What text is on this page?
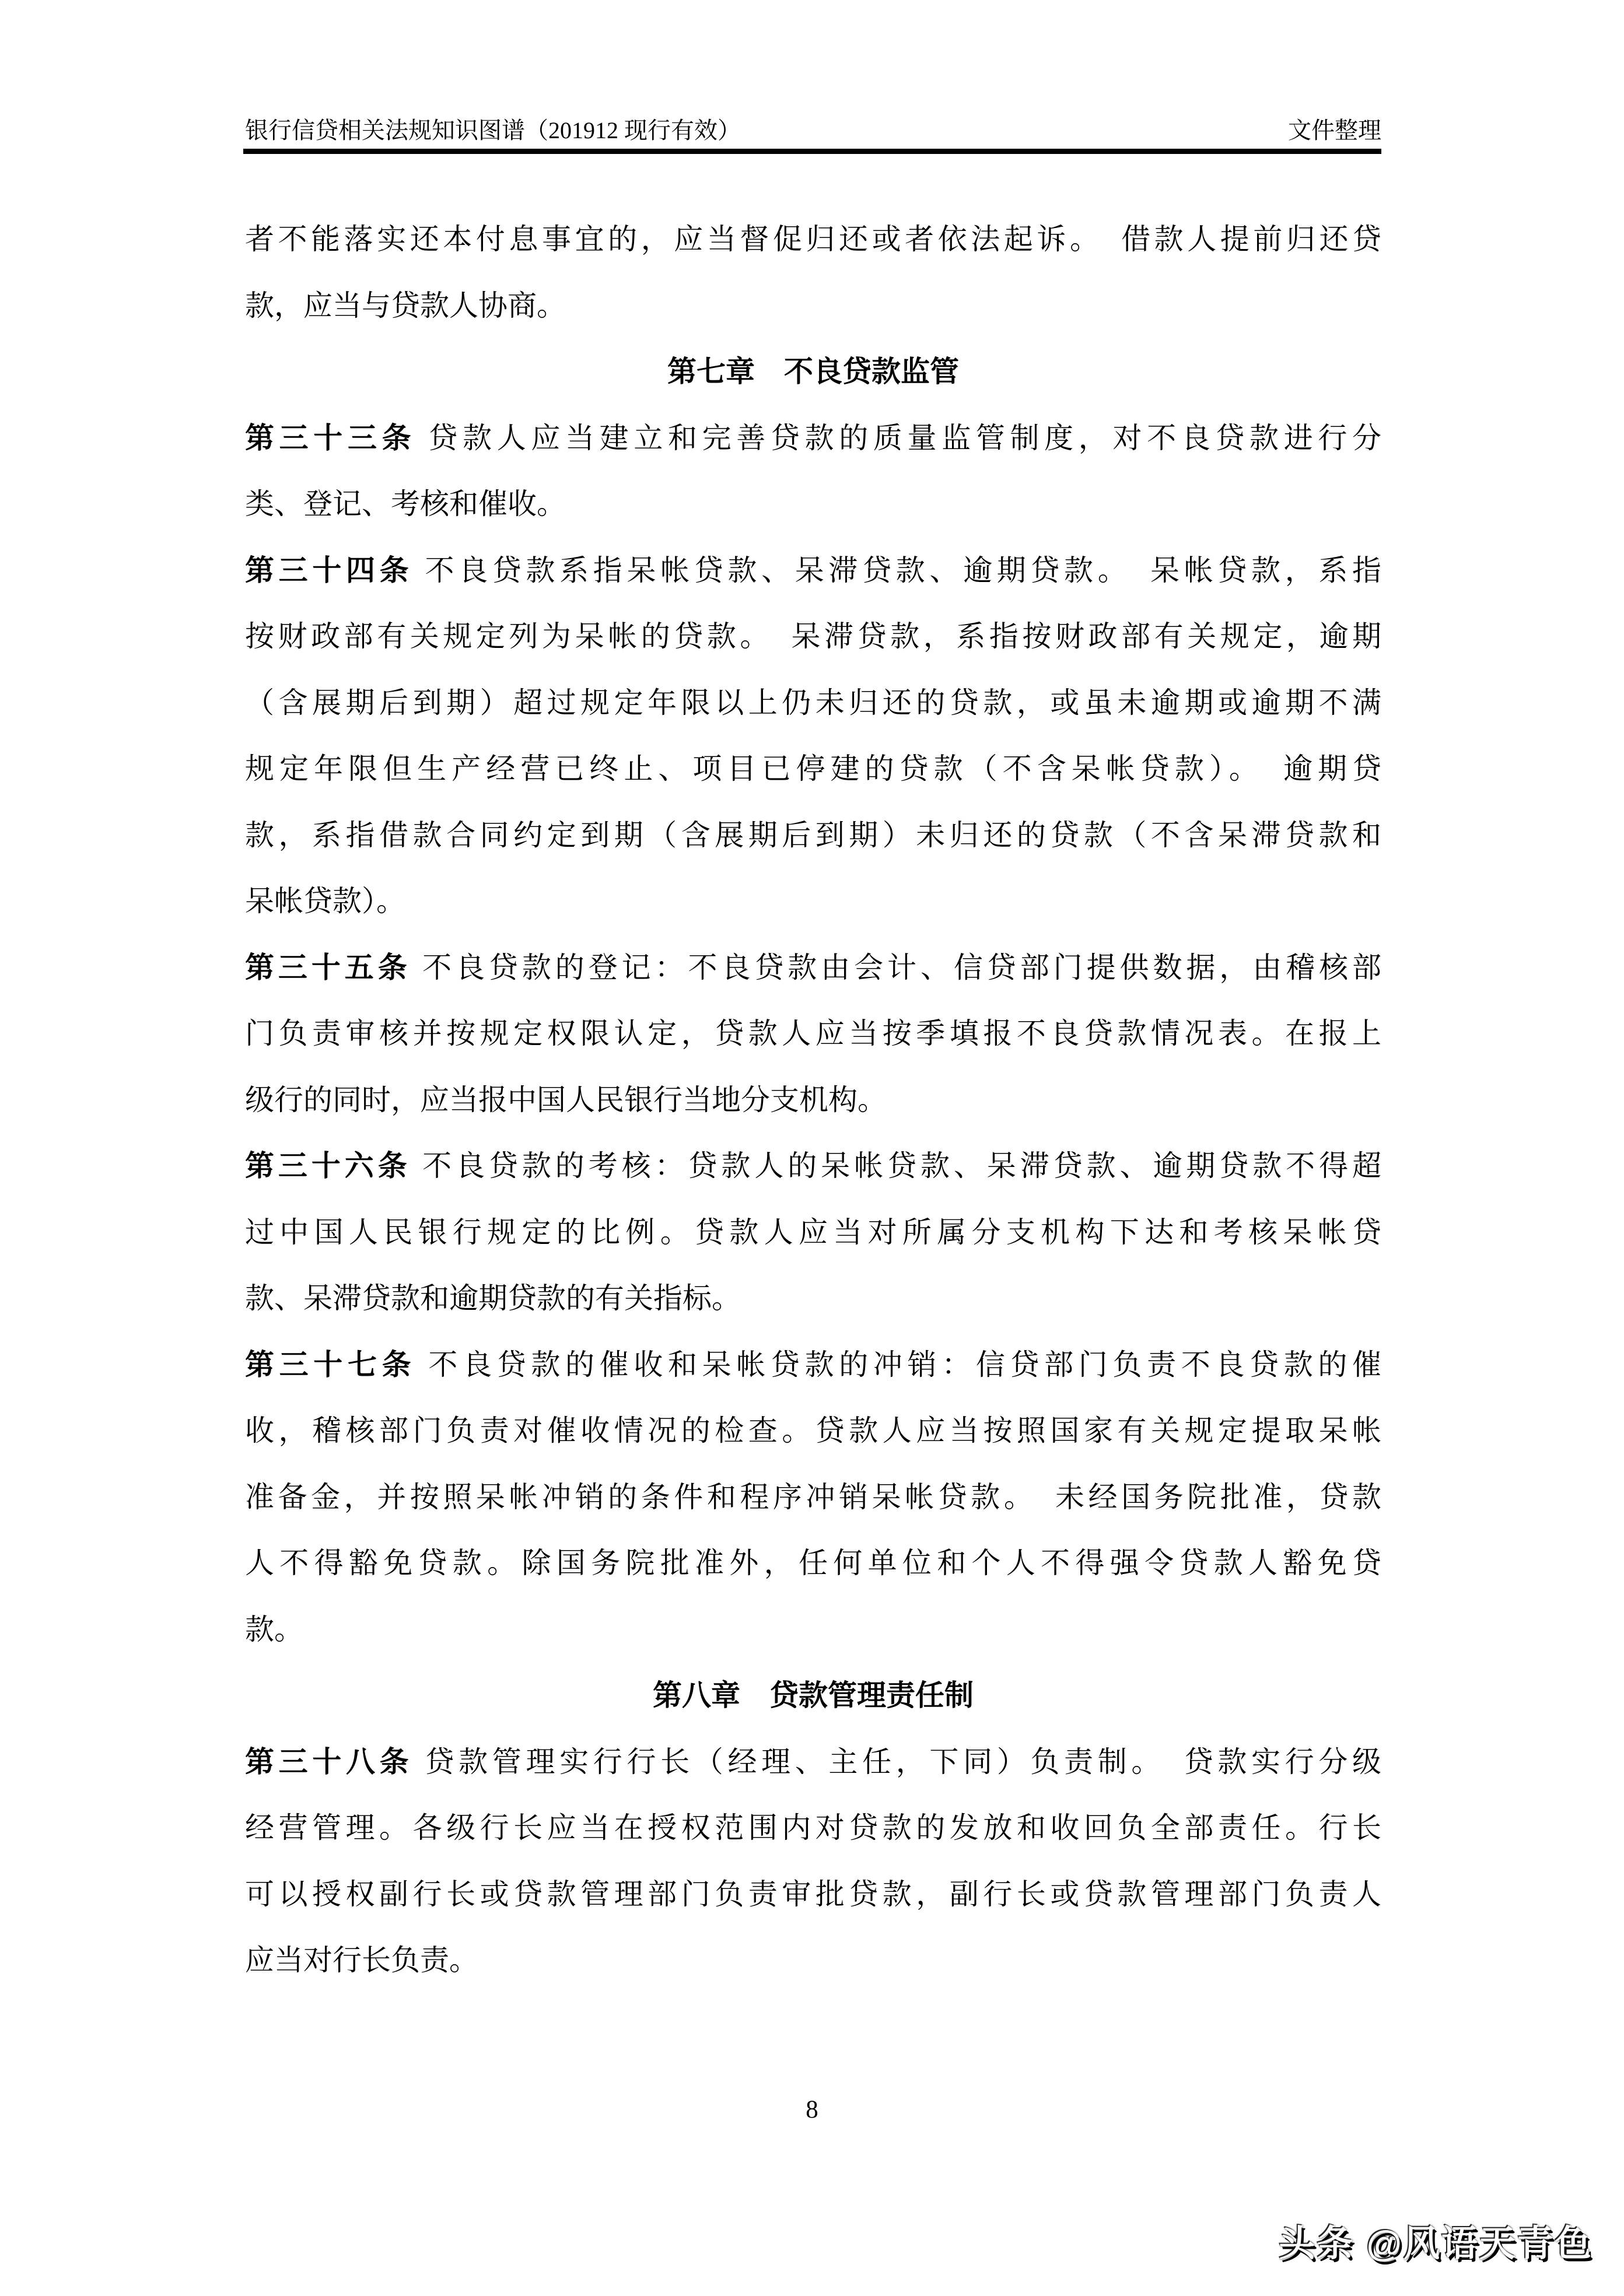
银行信贷相关法规知识图谱（201912 现行有效）	文件整理
者不能落实还本付息事宜的，应当督促归还或者依法起诉。　借款人提前归还贷
款，应当与贷款人协商。
第七章　不良贷款监管
第三十三条 贷款人应当建立和完善贷款的质量监管制度，对不良贷款进行分
类、登记、考核和催收。
第三十四条 不良贷款系指呆帐贷款、呆滞贷款、逾期贷款。　呆帐贷款，系指
按财政部有关规定列为呆帐的贷款。　呆滞贷款，系指按财政部有关规定，逾期
（含展期后到期）超过规定年限以上仍未归还的贷款，或虽未逾期或逾期不满
规定年限但生产经营已终止、项目已停建的贷款（不含呆帐贷款）。　逾期贷
款，系指借款合同约定到期（含展期后到期）未归还的贷款（不含呆滞贷款和
呆帐贷款）。
第三十五条 不良贷款的登记：不良贷款由会计、信贷部门提供数据，由稽核部
门负责审核并按规定权限认定，贷款人应当按季填报不良贷款情况表。在报上
级行的同时，应当报中国人民银行当地分支机构。
第三十六条 不良贷款的考核：贷款人的呆帐贷款、呆滞贷款、逾期贷款不得超
过中国人民银行规定的比例。贷款人应当对所属分支机构下达和考核呆帐贷
款、呆滞贷款和逾期贷款的有关指标。
第三十七条 不良贷款的催收和呆帐贷款的冲销：信贷部门负责不良贷款的催
收，稽核部门负责对催收情况的检查。贷款人应当按照国家有关规定提取呆帐
准备金，并按照呆帐冲销的条件和程序冲销呆帐贷款。　未经国务院批准，贷款
人不得豁免贷款。除国务院批准外，任何单位和个人不得强令贷款人豁免贷
款。
第八章　贷款管理责任制
第三十八条 贷款管理实行行长（经理、主任，下同）负责制。　贷款实行分级
经营管理。各级行长应当在授权范围内对贷款的发放和收回负全部责任。行长
可以授权副行长或贷款管理部门负责审批贷款，副行长或贷款管理部门负责人
应当对行长负责。
8
头条 @风语天青色
